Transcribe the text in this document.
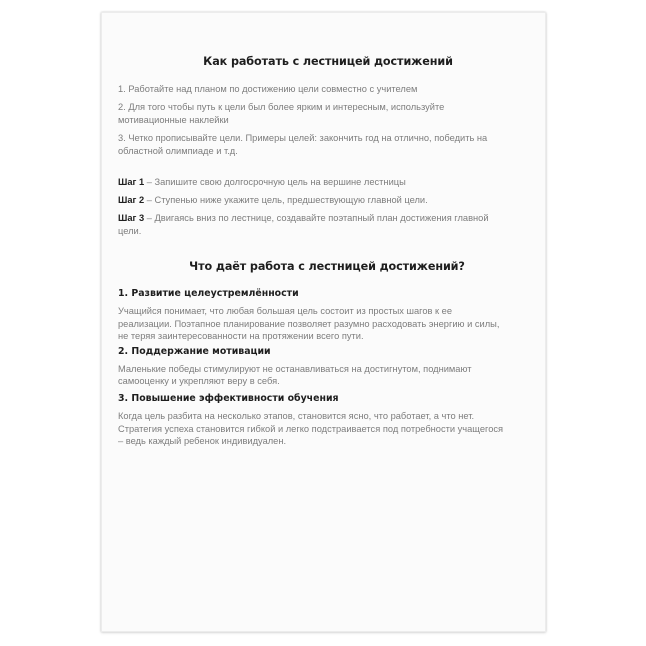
Как работать с лестницей достижений

1. Работайте над планом по достижению цели совместно с учителем

2. Для того чтобы путь к цели был более ярким и интересным, используйте мотивационные наклейки

3. Четко прописывайте цели. Примеры целей: закончить год на отлично, победить на областной олимпиаде и т.д.

Шаг 1 – Запишите свою долгосрочную цель на вершине лестницы

Шаг 2 – Ступенью ниже укажите цель, предшествующую главной цели.

Шаг 3 – Двигаясь вниз по лестнице, создавайте поэтапный план достижения главной цели.

Что даёт работа с лестницей достижений?

1. Развитие целеустремлённости

Учащийся понимает, что любая большая цель состоит из простых шагов к ее реализации. Поэтапное планирование позволяет разумно расходовать энергию и силы, не теряя заинтересованности на протяжении всего пути.

2. Поддержание мотивации

Маленькие победы стимулируют не останавливаться на достигнутом, поднимают самооценку и укрепляют веру в себя.

3. Повышение эффективности обучения

Когда цель разбита на несколько этапов, становится ясно, что работает, а что нет. Стратегия успеха становится гибкой и легко подстраивается под потребности учащегося – ведь каждый ребенок индивидуален.
